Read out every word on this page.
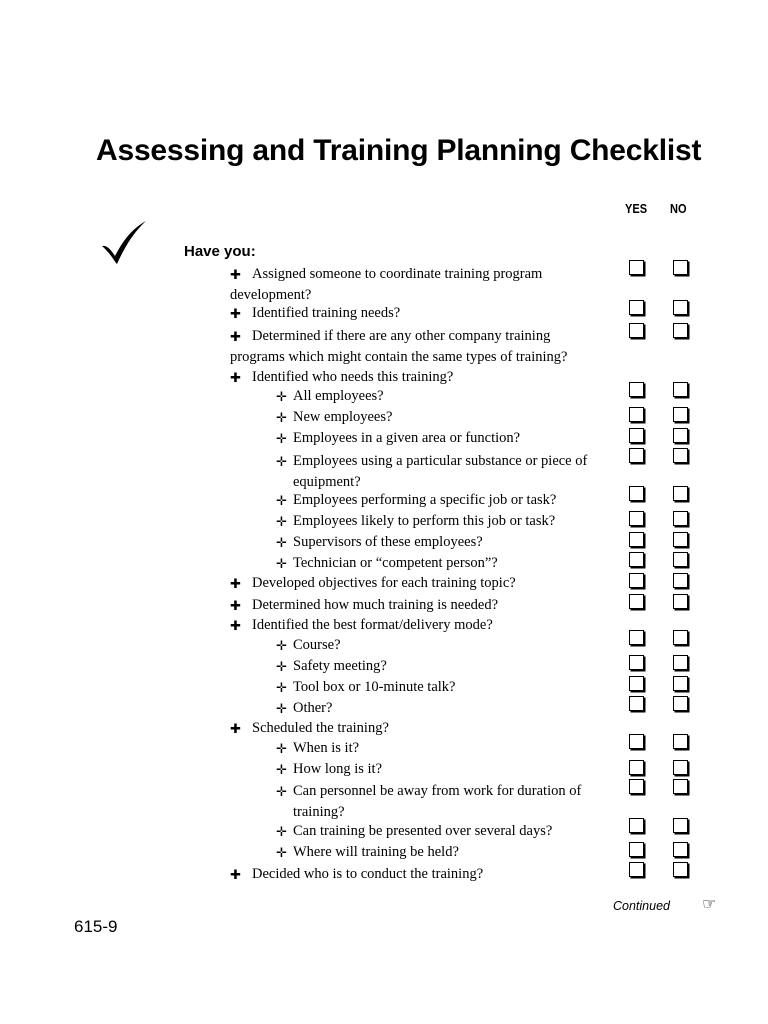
Assessing and Training Planning Checklist
YES NO
Have you:
✚ Assigned someone to coordinate training program development?
✚ Identified training needs?
✚ Determined if there are any other company training programs which might contain the same types of training?
✚ Identified who needs this training?
✛ All employees?
✛ New employees?
✛ Employees in a given area or function?
✛ Employees using a particular substance or piece of equipment?
✛ Employees performing a specific job or task?
✛ Employees likely to perform this job or task?
✛ Supervisors of these employees?
✛ Technician or “competent person”?
✚ Developed objectives for each training topic?
✚ Determined how much training is needed?
✚ Identified the best format/delivery mode?
✛ Course?
✛ Safety meeting?
✛ Tool box or 10-minute talk?
✛ Other?
✚ Scheduled the training?
✛ When is it?
✛ How long is it?
✛ Can personnel be away from work for duration of training?
✛ Can training be presented over several days?
✛ Where will training be held?
✚ Decided who is to conduct the training?
Continued ☞
615-9
